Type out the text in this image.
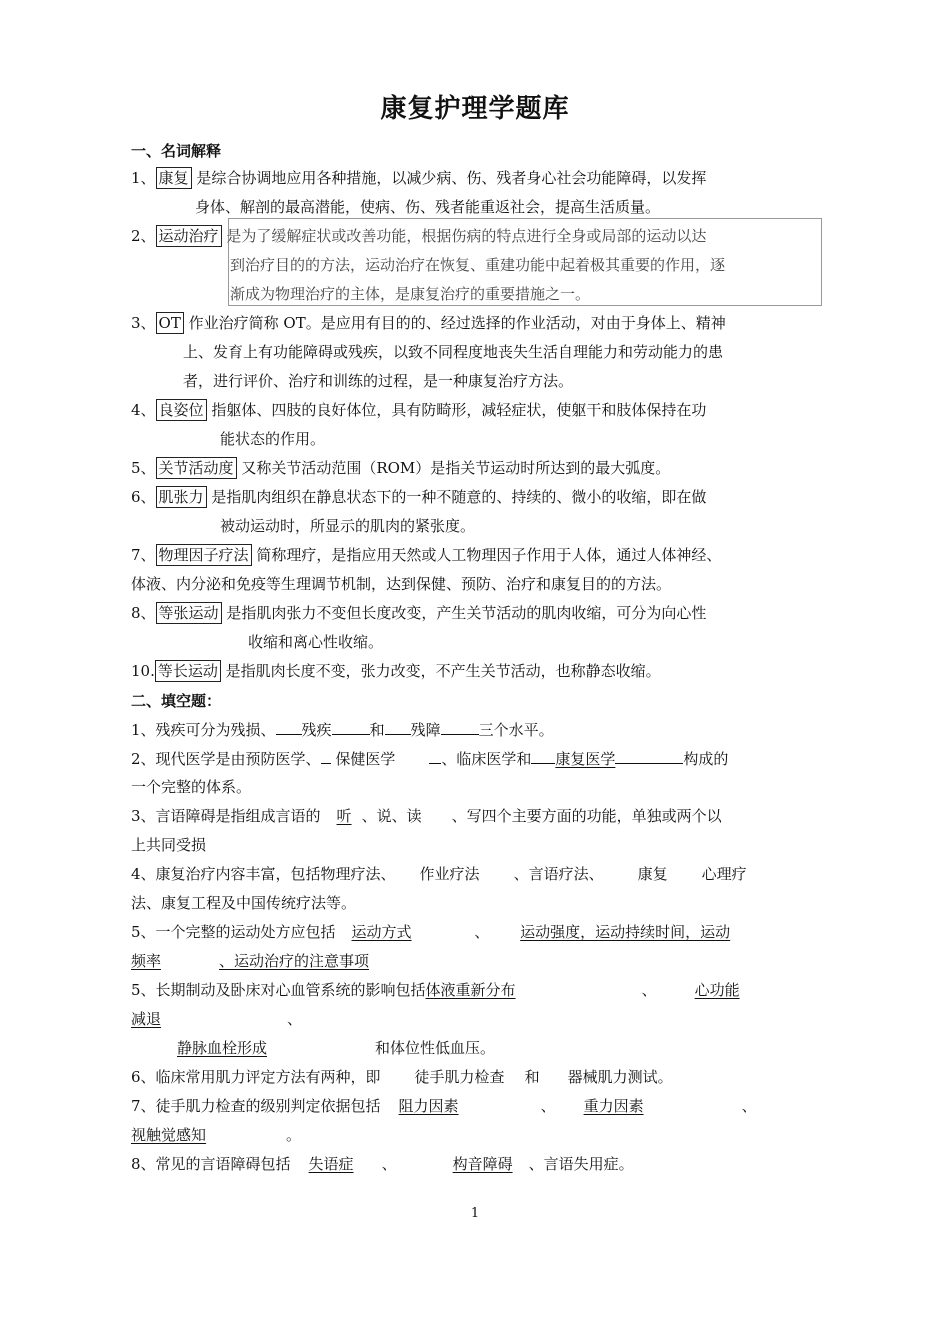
康复护理学题库
一、名词解释
1、 康复 是综合协调地应用各种措施，以减少病、伤、残者身心社会功能障碍，以发挥
身体、解剖的最高潜能，使病、伤、残者能重返社会，提高生活质量。
2、 运动治疗 是为了缓解症状或改善功能，根据伤病的特点进行全身或局部的运动以达
到治疗目的的方法，运动治疗在恢复、重建功能中起着极其重要的作用，逐
渐成为物理治疗的主体，是康复治疗的重要措施之一。
3、 OT 作业治疗简称 OT。是应用有目的的、经过选择的作业活动，对由于身体上、精神
上、发育上有功能障碍或残疾，以致不同程度地丧失生活自理能力和劳动能力的患
者，进行评价、治疗和训练的过程，是一种康复治疗方法。
4、 良姿位 指躯体、四肢的良好体位，具有防畸形，减轻症状，使躯干和肢体保持在功
能状态的作用。
5、 关节活动度 又称关节活动范围（ROM）是指关节运动时所达到的最大弧度。
6、 肌张力 是指肌肉组织在静息状态下的一种不随意的、持续的、微小的收缩，即在做
被动运动时，所显示的肌肉的紧张度。
7、 物理因子疗法 简称理疗，是指应用天然或人工物理因子作用于人体，通过人体神经、
体液、内分泌和免疫等生理调节机制，达到保健、预防、治疗和康复目的的方法。
8、 等张运动 是指肌肉张力不变但长度改变，产生关节活动的肌肉收缩，可分为向心性
收缩和离心性收缩。
10. 等长运动 是指肌肉长度不变，张力改变，不产生关节活动，也称静态收缩。
二、填空题：
1、残疾可分为残损、 残疾	和 残障	三个水平。
2、现代医学是由预防医学、 保健医学	、临床医学和 康复医学	构成的
一个完整的体系。
3、言语障碍是指组成言语的 听 、说、读 、写四个主要方面的功能，单独或两个以
上共同受损
4、康复治疗内容丰富，包括物理疗法、 作业疗法 、言语疗法、 康复 心理疗
法、康复工程及中国传统疗法等。
5、一个完整的运动处方应包括 运动方式	、 运动强度，运动持续时间，运动
频率	、运动治疗的注意事项
5、长期制动及卧床对心血管系统的影响包括体液重新分布	、	心功能
减退	、
静脉血栓形成	和体位性低血压。
6、临床常用肌力评定方法有两种，即 徒手肌力检查 和 器械肌力测试。
7、徒手肌力检查的级别判定依据包括 阻力因素	、 重力因素	、
视触觉感知	。
8、常见的言语障碍包括 失语症 、	构音障碍 、言语失用症。
1
